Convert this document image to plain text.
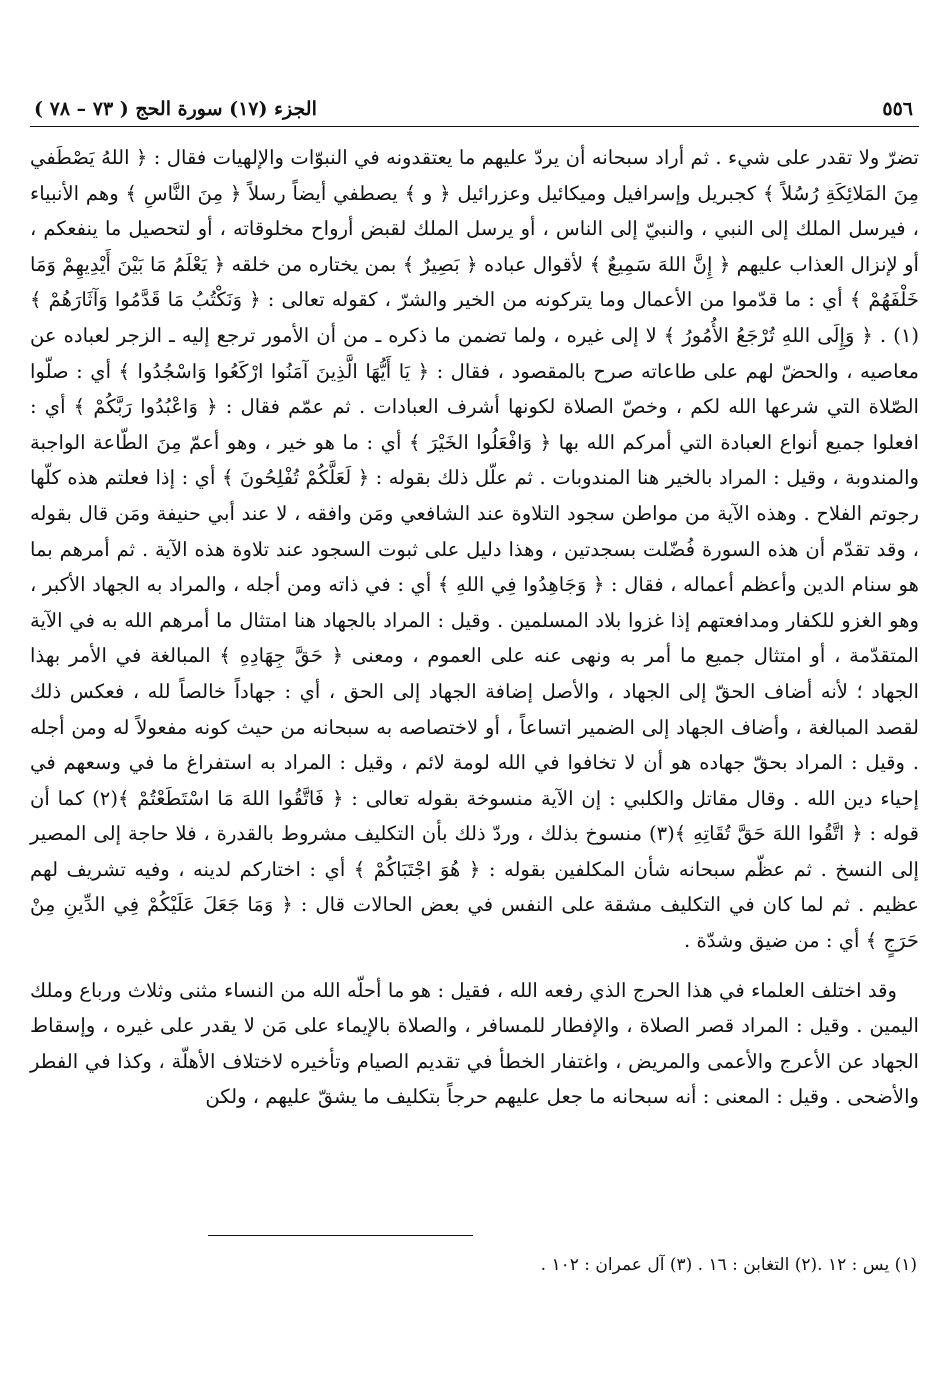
٥٥٦
الجزء (١٧) سورة الحج ( ٧٣ – ٧٨ )

تضرّ ولا تقدر على شيء . ثم أراد سبحانه أن يردّ عليهم ما يعتقدونه في النبوّات والإلهيات فقال : ﴿ اللهُ يَصْطَفي مِنَ المَلائِكَةِ رُسُلاً ﴾ كجبريل وإسرافيل وميكائيل وعزرائيل ﴿ و ﴾ يصطفي أيضاً رسلاً ﴿ مِنَ النَّاسِ ﴾ وهم الأنبياء ، فيرسل الملك إلى النبي ، والنبيّ إلى الناس ، أو يرسل الملك لقبض أرواح مخلوقاته ، أو لتحصيل ما ينفعكم ، أو لإنزال العذاب عليهم ﴿ إِنَّ اللهَ سَمِيعٌ ﴾ لأقوال عباده ﴿ بَصِيرٌ ﴾ بمن يختاره من خلقه ﴿ يَعْلَمُ مَا بَيْنَ أَيْدِيهِمْ وَمَا خَلْفَهُمْ ﴾ أي : ما قدّموا من الأعمال وما يتركونه من الخير والشرّ ، كقوله تعالى : ﴿ وَنَكْتُبُ مَا قَدَّمُوا وَآثَارَهُمْ ﴾(١) . ﴿ وَإِلَى اللهِ تُرْجَعُ الأُمُورُ ﴾ لا إلى غيره ، ولما تضمن ما ذكره ـ من أن الأمور ترجع إليه ـ الزجر لعباده عن معاصيه ، والحضّ لهم على طاعاته صرح بالمقصود ، فقال : ﴿ يَا أَيُّهَا الَّذِينَ آمَنُوا ارْكَعُوا وَاسْجُدُوا ﴾ أي : صلّوا الصّلاة التي شرعها الله لكم ، وخصّ الصلاة لكونها أشرف العبادات . ثم عمّم فقال : ﴿ وَاعْبُدُوا رَبَّكُمْ ﴾ أي : افعلوا جميع أنواع العبادة التي أمركم الله بها ﴿ وَافْعَلُوا الخَيْرَ ﴾ أي : ما هو خير ، وهو أعمّ مِنَ الطّاعة الواجبة والمندوبة ، وقيل : المراد بالخير هنا المندوبات . ثم علّل ذلك بقوله : ﴿ لَعَلَّكُمْ تُفْلِحُونَ ﴾ أي : إذا فعلتم هذه كلّها رجوتم الفلاح . وهذه الآية من مواطن سجود التلاوة عند الشافعي ومَن وافقه ، لا عند أبي حنيفة ومَن قال بقوله ، وقد تقدّم أن هذه السورة فُضّلت بسجدتين ، وهذا دليل على ثبوت السجود عند تلاوة هذه الآية . ثم أمرهم بما هو سنام الدين وأعظم أعماله ، فقال : ﴿ وَجَاهِدُوا فِي اللهِ ﴾ أي : في ذاته ومن أجله ، والمراد به الجهاد الأكبر ، وهو الغزو للكفار ومدافعتهم إذا غزوا بلاد المسلمين . وقيل : المراد بالجهاد هنا امتثال ما أمرهم الله به في الآية المتقدّمة ، أو امتثال جميع ما أمر به ونهى عنه على العموم ، ومعنى ﴿ حَقَّ جِهَادِهِ ﴾ المبالغة في الأمر بهذا الجهاد ؛ لأنه أضاف الحقّ إلى الجهاد ، والأصل إضافة الجهاد إلى الحق ، أي : جهاداً خالصاً لله ، فعكس ذلك لقصد المبالغة ، وأضاف الجهاد إلى الضمير اتساعاً ، أو لاختصاصه به سبحانه من حيث كونه مفعولاً له ومن أجله . وقيل : المراد بحقّ جهاده هو أن لا تخافوا في الله لومة لائم ، وقيل : المراد به استفراغ ما في وسعهم في إحياء دين الله . وقال مقاتل والكلبي : إن الآية منسوخة بقوله تعالى : ﴿ فَاتَّقُوا اللهَ مَا اسْتَطَعْتُمْ ﴾(٢) كما أن قوله : ﴿ اتَّقُوا اللهَ حَقَّ تُقَاتِهِ ﴾(٣) منسوخ بذلك ، وردّ ذلك بأن التكليف مشروط بالقدرة ، فلا حاجة إلى المصير إلى النسخ . ثم عظّم سبحانه شأن المكلفين بقوله : ﴿ هُوَ اجْتَبَاكُمْ ﴾ أي : اختاركم لدينه ، وفيه تشريف لهم عظيم . ثم لما كان في التكليف مشقة على النفس في بعض الحالات قال : ﴿ وَمَا جَعَلَ عَلَيْكُمْ فِي الدِّينِ مِنْ حَرَجٍ ﴾ أي : من ضيق وشدّة .

وقد اختلف العلماء في هذا الحرج الذي رفعه الله ، فقيل : هو ما أحلّه الله من النساء مثنى وثلاث ورباع وملك اليمين . وقيل : المراد قصر الصلاة ، والإفطار للمسافر ، والصلاة بالإيماء على مَن لا يقدر على غيره ، وإسقاط الجهاد عن الأعرج والأعمى والمريض ، واغتفار الخطأ في تقديم الصيام وتأخيره لاختلاف الأهلّة ، وكذا في الفطر والأضحى . وقيل : المعنى : أنه سبحانه ما جعل عليهم حرجاً بتكليف ما يشقّ عليهم ، ولكن

(١) يس : ١٢ .(٢) التغابن : ١٦ . (٣) آل عمران : ١٠٢ .
